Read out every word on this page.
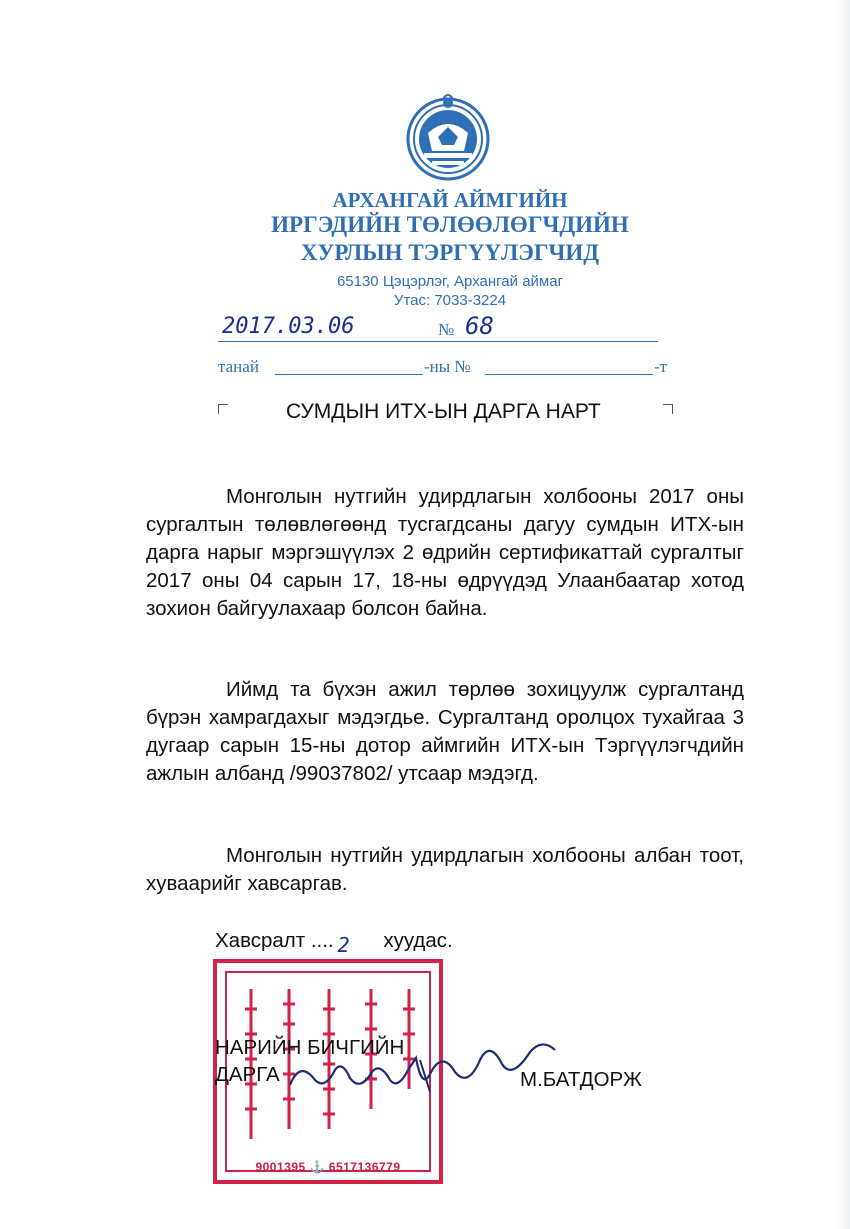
АРХАНГАЙ АЙМГИЙН
ИРГЭДИЙН ТӨЛӨӨЛӨГЧДИЙН
ХУРЛЫН ТЭРГҮҮЛЭГЧИД
65130 Цэцэрлэг, Архангай аймаг
Утас: 7033-3224
2017.03.06	№ 68
танай	-ны №	-т
СУМДЫН ИТХ-ЫН ДАРГА НАРТ
Монголын нутгийн удирдлагын холбооны 2017 оны сургалтын төлөвлөгөөнд тусгагдсаны дагуу сумдын ИТХ-ын дарга нарыг мэргэшүүлэх 2 өдрийн сертификаттай сургалтыг 2017 оны 04 сарын 17, 18-ны өдрүүдэд Улаанбаатар хотод зохион байгуулахаар болсон байна.
Иймд та бүхэн ажил төрлөө зохицуулж сургалтанд бүрэн хамрагдахыг мэдэгдье. Сургалтанд оролцох тухайгаа 3 дугаар сарын 15-ны дотор аймгийн ИТХ-ын Тэргүүлэгчдийн ажлын албанд /99037802/ утсаар мэдэгд.
Монголын нутгийн удирдлагын холбооны албан тоот, хуваарийг хавсаргав.
Хавсралт .... 2 хуудас.
9001395 ⚓ 6517136779
НАРИЙН БИЧГИЙН
ДАРГА	М.БАТДОРЖ
